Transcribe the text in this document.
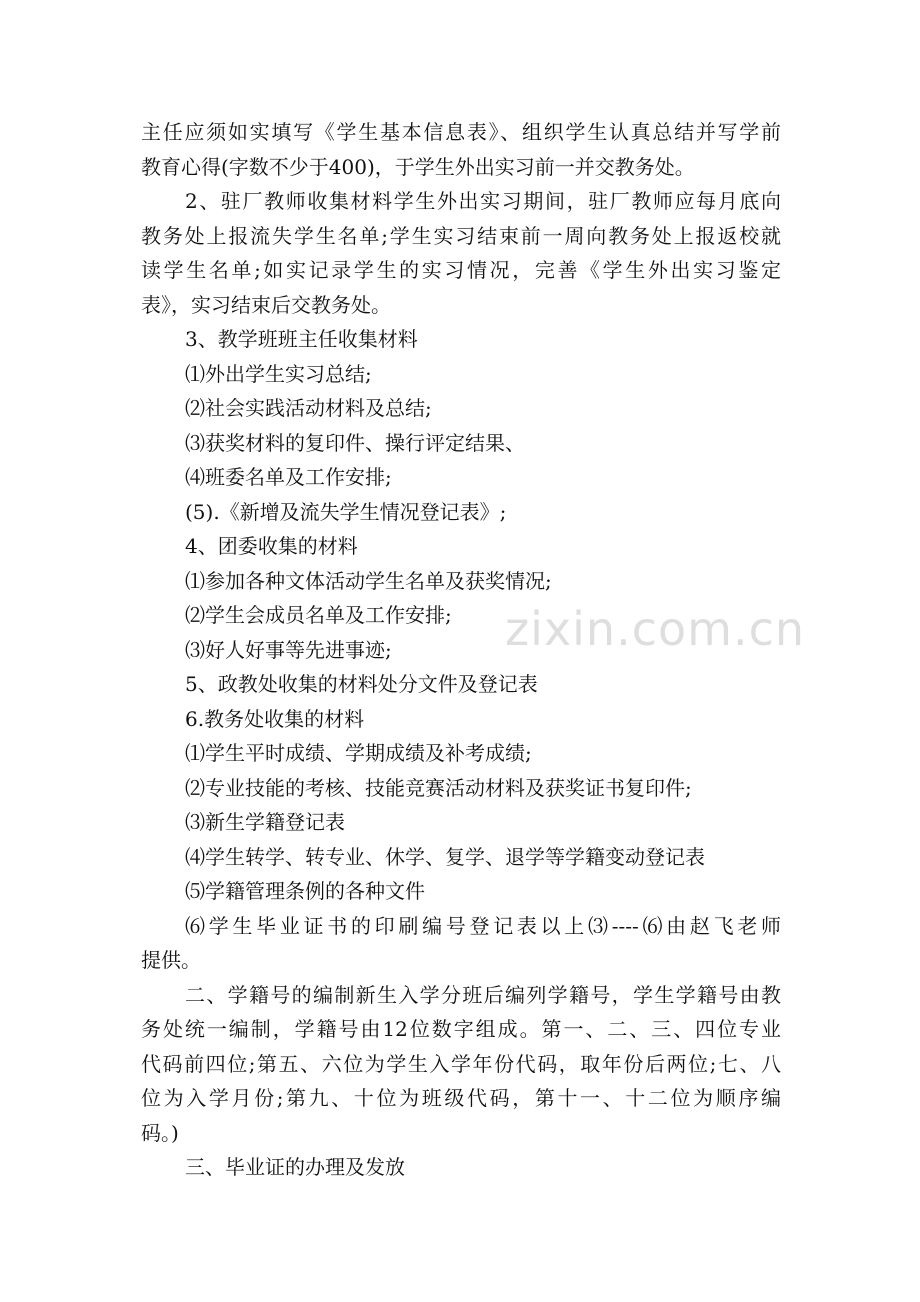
主任应须如实填写《学生基本信息表》、组织学生认真总结并写学前
教育心得(字数不少于400)，于学生外出实习前一并交教务处。
2、驻厂教师收集材料学生外出实习期间，驻厂教师应每月底向
教务处上报流失学生名单;学生实习结束前一周向教务处上报返校就
读学生名单;如实记录学生的实习情况，完善《学生外出实习鉴定
表》，实习结束后交教务处。
3、教学班班主任收集材料
⑴外出学生实习总结;
⑵社会实践活动材料及总结;
⑶获奖材料的复印件、操行评定结果、
⑷班委名单及工作安排;
(5).《新增及流失学生情况登记表》;
4、团委收集的材料
⑴参加各种文体活动学生名单及获奖情况;
⑵学生会成员名单及工作安排;
⑶好人好事等先进事迹;
5、政教处收集的材料处分文件及登记表
6.教务处收集的材料
⑴学生平时成绩、学期成绩及补考成绩;
⑵专业技能的考核、技能竞赛活动材料及获奖证书复印件;
⑶新生学籍登记表
⑷学生转学、转专业、休学、复学、退学等学籍变动登记表
⑸学籍管理条例的各种文件
⑹学生毕业证书的印刷编号登记表以上⑶----⑹由赵飞老师
提供。
二、学籍号的编制新生入学分班后编列学籍号，学生学籍号由教
务处统一编制，学籍号由12位数字组成。第一、二、三、四位专业
代码前四位;第五、六位为学生入学年份代码，取年份后两位;七、八
位为入学月份;第九、十位为班级代码，第十一、十二位为顺序编
码。)
三、毕业证的办理及发放
zixin.com.cn
